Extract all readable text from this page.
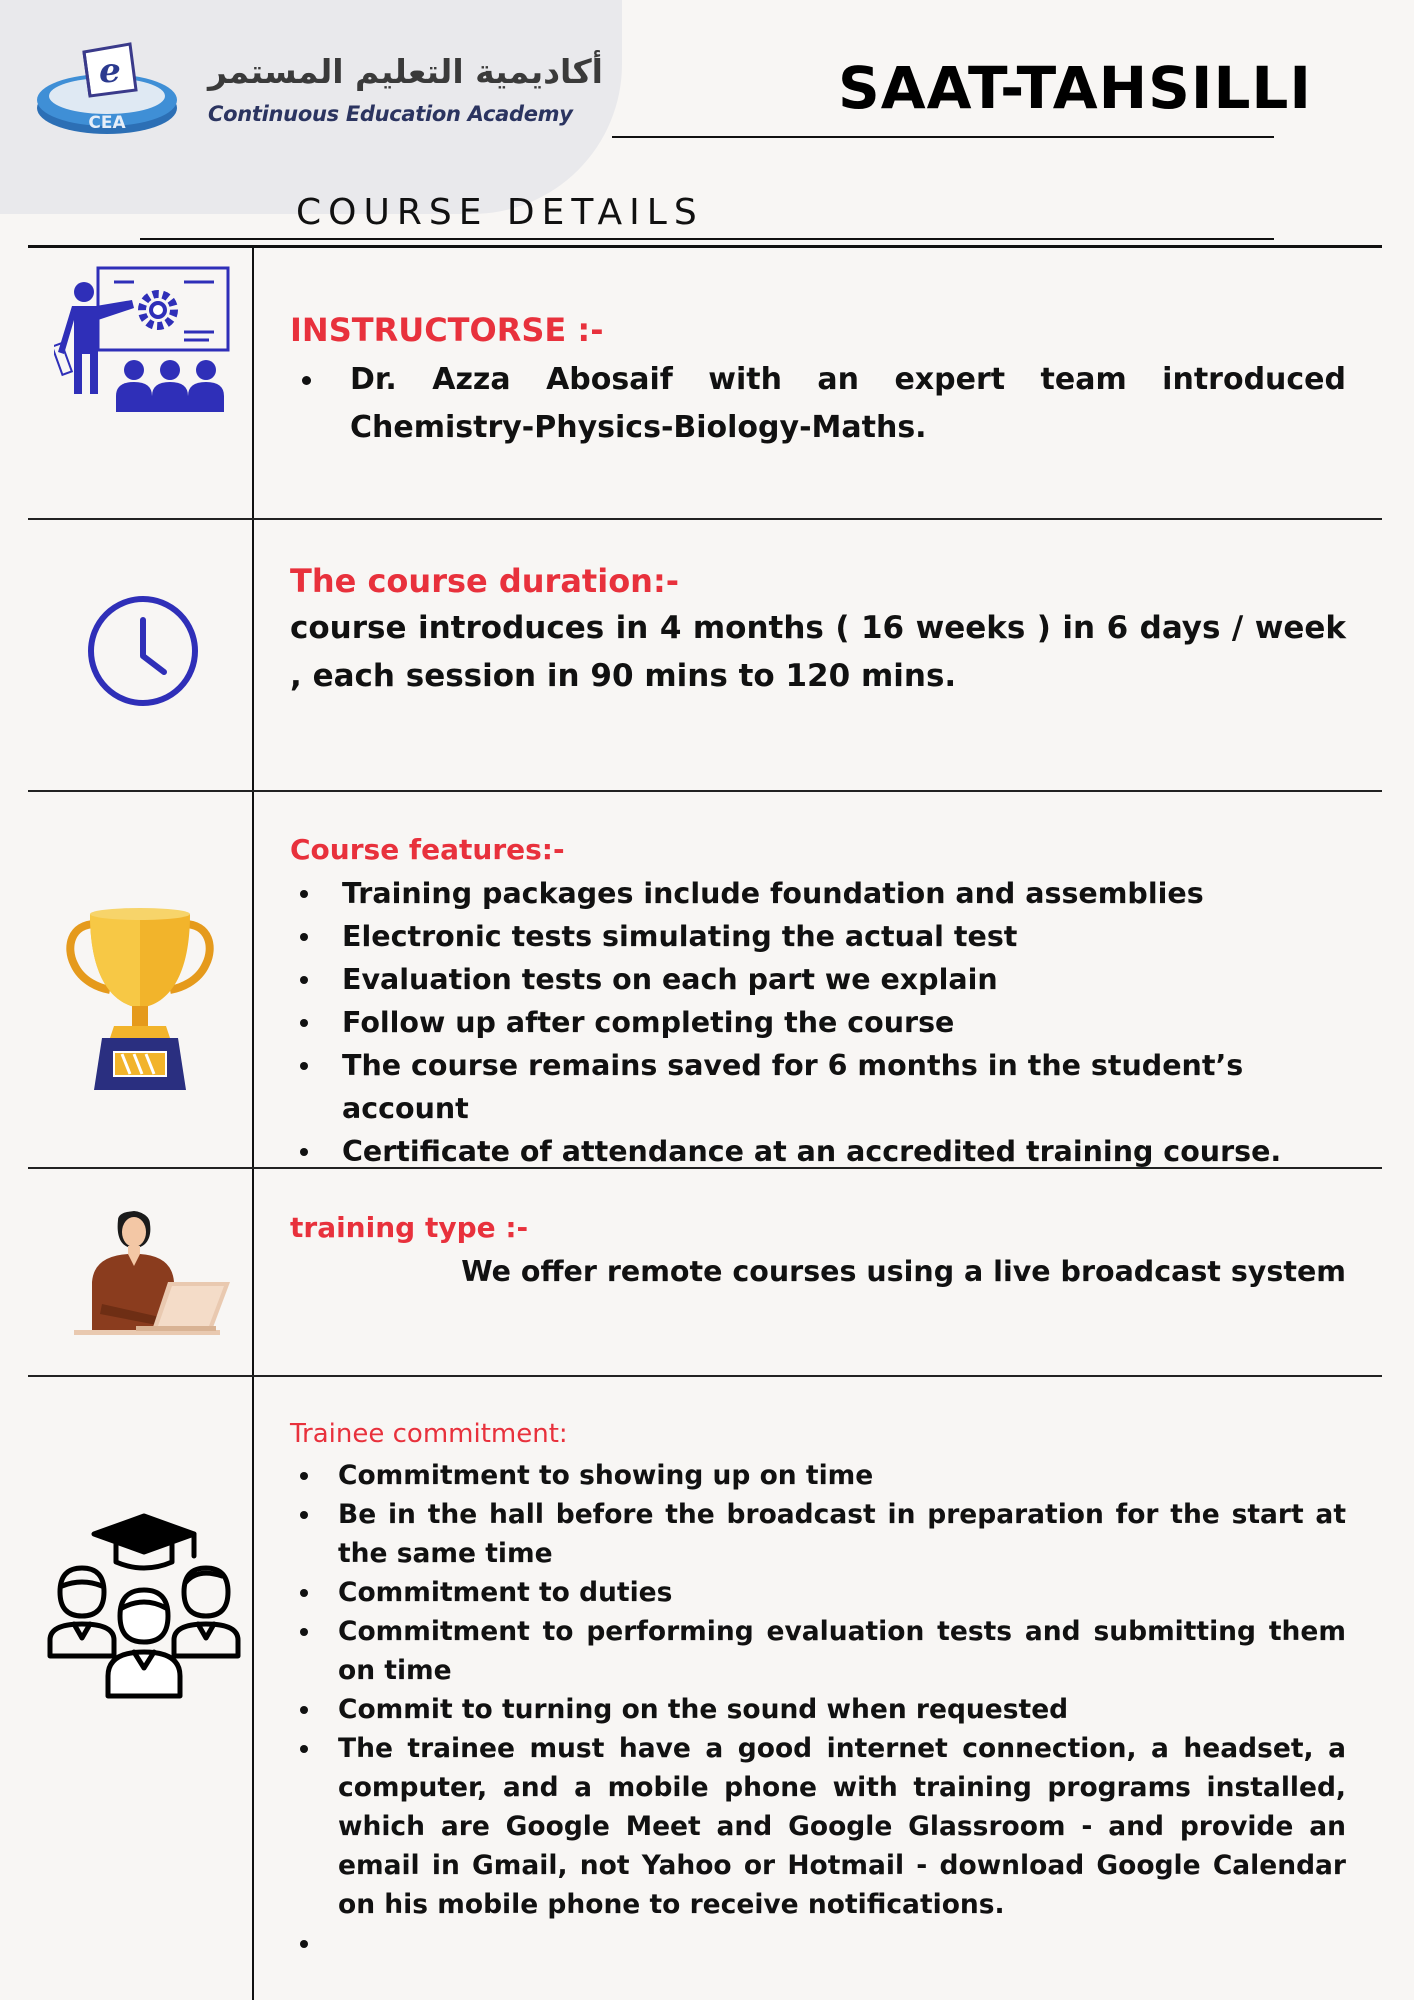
e
CEA
أكاديمية التعليم المستمر
Continuous Education Academy	SAAT-TAHSILLI
COURSE DETAILS

INSTRUCTORSE :-

Dr. Azza Abosaif with an expert team introduced Chemistry-Physics-Biology-Maths.

The course duration:-

course introduces in 4 months ( 16 weeks ) in 6 days / week , each session in 90 mins to 120 mins.

Course features:-

Training packages include foundation and assemblies
Electronic tests simulating the actual test
Evaluation tests on each part we explain
Follow up after completing the course
The course remains saved for 6 months in the student’s account
Certificate of attendance at an accredited training course.

training type :-

We offer remote courses using a live broadcast system

Trainee commitment:

Commitment to showing up on time
Be in the hall before the broadcast in preparation for the start at the same time
Commitment to duties
Commitment to performing evaluation tests and submitting them on time
Commit to turning on the sound when requested
The trainee must have a good internet connection, a headset, a computer, and a mobile phone with training programs installed, which are Google Meet and Google Glassroom - and provide an email in Gmail, not Yahoo or Hotmail - download Google Calendar on his mobile phone to receive notifications.
